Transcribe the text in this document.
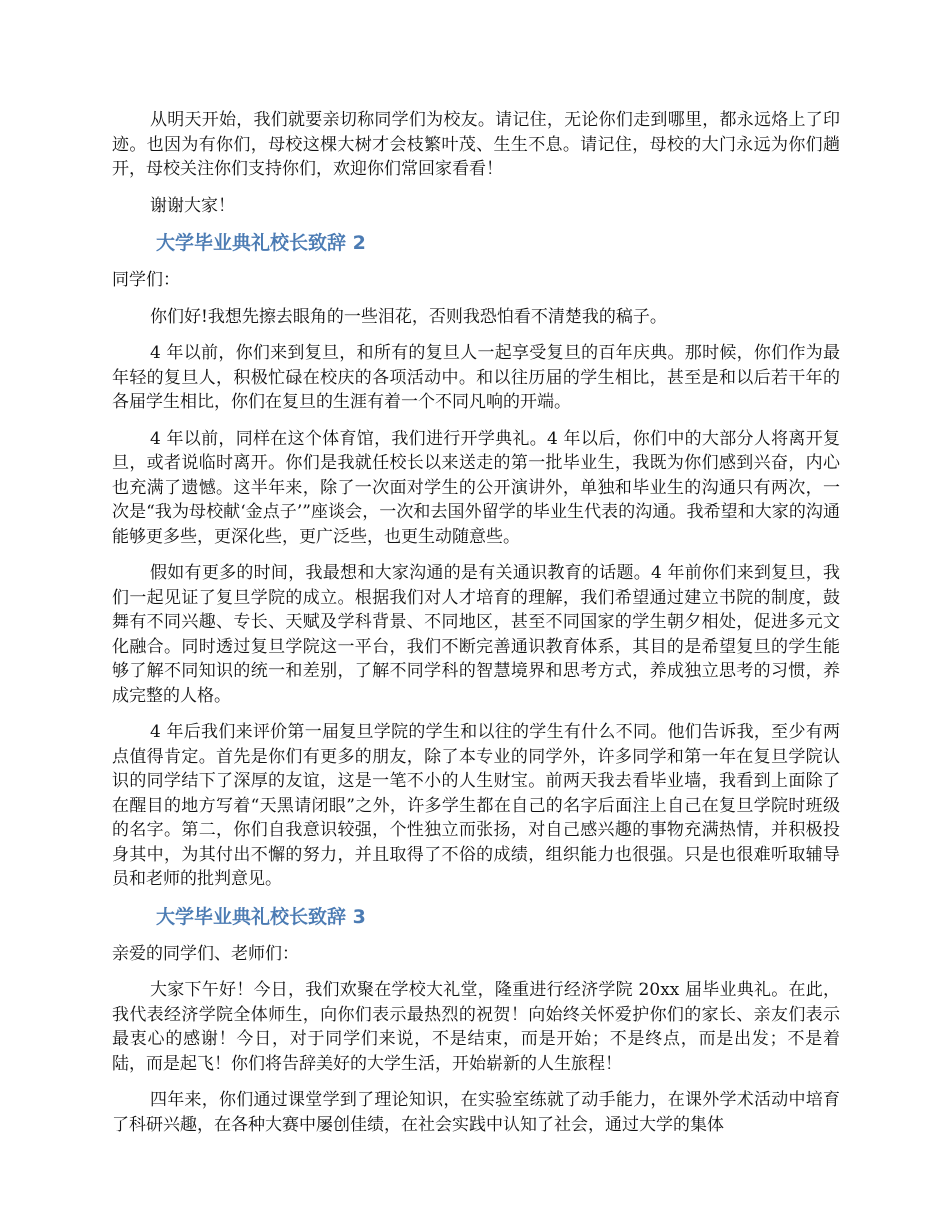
从明天开始，我们就要亲切称同学们为校友。请记住，无论你们走到哪里，都永远烙上了印迹。也因为有你们，母校这棵大树才会枝繁叶茂、生生不息。请记住，母校的大门永远为你们趟开，母校关注你们支持你们，欢迎你们常回家看看！

谢谢大家！

大学毕业典礼校长致辞 2

同学们：

你们好!我想先擦去眼角的一些泪花，否则我恐怕看不清楚我的稿子。

4 年以前，你们来到复旦，和所有的复旦人一起享受复旦的百年庆典。那时候，你们作为最年轻的复旦人，积极忙碌在校庆的各项活动中。和以往历届的学生相比，甚至是和以后若干年的各届学生相比，你们在复旦的生涯有着一个不同凡响的开端。

4 年以前，同样在这个体育馆，我们进行开学典礼。4 年以后，你们中的大部分人将离开复旦，或者说临时离开。你们是我就任校长以来送走的第一批毕业生，我既为你们感到兴奋，内心也充满了遗憾。这半年来，除了一次面对学生的公开演讲外，单独和毕业生的沟通只有两次，一次是“我为母校献‘金点子’”座谈会，一次和去国外留学的毕业生代表的沟通。我希望和大家的沟通能够更多些，更深化些，更广泛些，也更生动随意些。

假如有更多的时间，我最想和大家沟通的是有关通识教育的话题。4 年前你们来到复旦，我们一起见证了复旦学院的成立。根据我们对人才培育的理解，我们希望通过建立书院的制度，鼓舞有不同兴趣、专长、天赋及学科背景、不同地区，甚至不同国家的学生朝夕相处，促进多元文化融合。同时透过复旦学院这一平台，我们不断完善通识教育体系，其目的是希望复旦的学生能够了解不同知识的统一和差别，了解不同学科的智慧境界和思考方式，养成独立思考的习惯，养成完整的人格。

4 年后我们来评价第一届复旦学院的学生和以往的学生有什么不同。他们告诉我，至少有两点值得肯定。首先是你们有更多的朋友，除了本专业的同学外，许多同学和第一年在复旦学院认识的同学结下了深厚的友谊，这是一笔不小的人生财宝。前两天我去看毕业墙，我看到上面除了在醒目的地方写着“天黑请闭眼”之外，许多学生都在自己的名字后面注上自己在复旦学院时班级的名字。第二，你们自我意识较强，个性独立而张扬，对自己感兴趣的事物充满热情，并积极投身其中，为其付出不懈的努力，并且取得了不俗的成绩，组织能力也很强。只是也很难听取辅导员和老师的批判意见。

大学毕业典礼校长致辞 3

亲爱的同学们、老师们：

大家下午好！今日，我们欢聚在学校大礼堂，隆重进行经济学院 20xx 届毕业典礼。在此，我代表经济学院全体师生，向你们表示最热烈的祝贺！向始终关怀爱护你们的家长、亲友们表示最衷心的感谢！今日，对于同学们来说，不是结束，而是开始；不是终点，而是出发；不是着陆，而是起飞！你们将告辞美好的大学生活，开始崭新的人生旅程！

四年来，你们通过课堂学到了理论知识，在实验室练就了动手能力，在课外学术活动中培育了科研兴趣，在各种大赛中屡创佳绩，在社会实践中认知了社会，通过大学的集体
